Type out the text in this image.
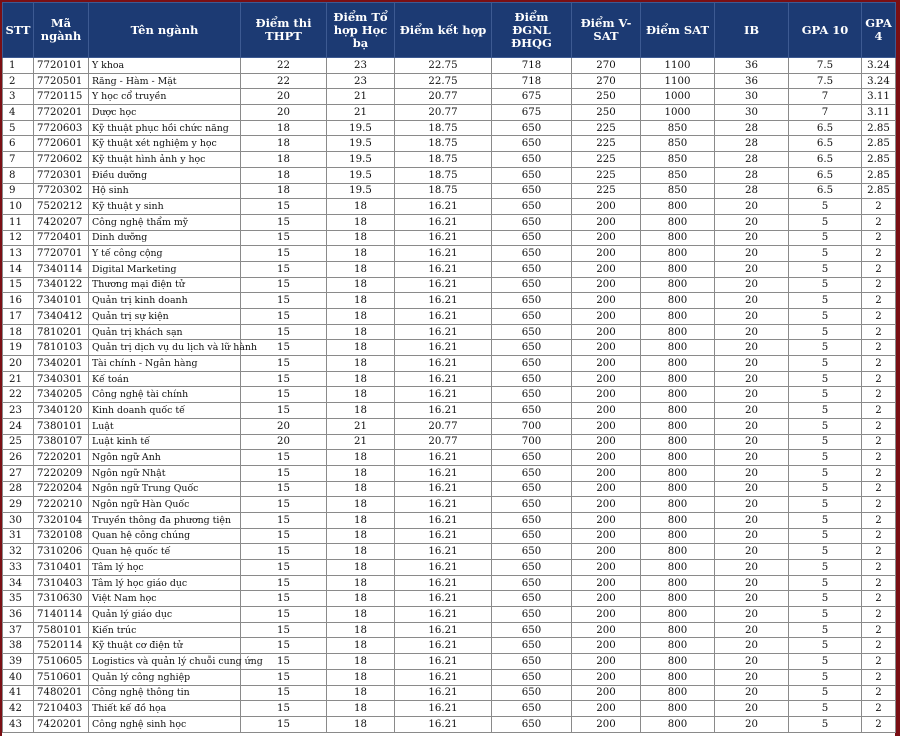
STT	Mã ngành	Tên ngành	Điểm thi THPT	Điểm Tổ hợp Học bạ	Điểm kết hợp	Điểm ĐGNL ĐHQG	Điểm V-SAT	Điểm SAT	IB	GPA 10	GPA 4
1	7720101	Y khoa	22	23	22.75	718	270	1100	36	7.5	3.24
2	7720501	Răng - Hàm - Mặt	22	23	22.75	718	270	1100	36	7.5	3.24
3	7720115	Y học cổ truyền	20	21	20.77	675	250	1000	30	7	3.11
4	7720201	Dược học	20	21	20.77	675	250	1000	30	7	3.11
5	7720603	Kỹ thuật phục hồi chức năng	18	19.5	18.75	650	225	850	28	6.5	2.85
6	7720601	Kỹ thuật xét nghiệm y học	18	19.5	18.75	650	225	850	28	6.5	2.85
7	7720602	Kỹ thuật hình ảnh y học	18	19.5	18.75	650	225	850	28	6.5	2.85
8	7720301	Điều dưỡng	18	19.5	18.75	650	225	850	28	6.5	2.85
9	7720302	Hộ sinh	18	19.5	18.75	650	225	850	28	6.5	2.85
10	7520212	Kỹ thuật y sinh	15	18	16.21	650	200	800	20	5	2
11	7420207	Công nghệ thẩm mỹ	15	18	16.21	650	200	800	20	5	2
12	7720401	Dinh dưỡng	15	18	16.21	650	200	800	20	5	2
13	7720701	Y tế công cộng	15	18	16.21	650	200	800	20	5	2
14	7340114	Digital Marketing	15	18	16.21	650	200	800	20	5	2
15	7340122	Thương mại điện tử	15	18	16.21	650	200	800	20	5	2
16	7340101	Quản trị kinh doanh	15	18	16.21	650	200	800	20	5	2
17	7340412	Quản trị sự kiện	15	18	16.21	650	200	800	20	5	2
18	7810201	Quản trị khách sạn	15	18	16.21	650	200	800	20	5	2
19	7810103	Quản trị dịch vụ du lịch và lữ hành	15	18	16.21	650	200	800	20	5	2
20	7340201	Tài chính - Ngân hàng	15	18	16.21	650	200	800	20	5	2
21	7340301	Kế toán	15	18	16.21	650	200	800	20	5	2
22	7340205	Công nghệ tài chính	15	18	16.21	650	200	800	20	5	2
23	7340120	Kinh doanh quốc tế	15	18	16.21	650	200	800	20	5	2
24	7380101	Luật	20	21	20.77	700	200	800	20	5	2
25	7380107	Luật kinh tế	20	21	20.77	700	200	800	20	5	2
26	7220201	Ngôn ngữ Anh	15	18	16.21	650	200	800	20	5	2
27	7220209	Ngôn ngữ Nhật	15	18	16.21	650	200	800	20	5	2
28	7220204	Ngôn ngữ Trung Quốc	15	18	16.21	650	200	800	20	5	2
29	7220210	Ngôn ngữ Hàn Quốc	15	18	16.21	650	200	800	20	5	2
30	7320104	Truyền thông đa phương tiện	15	18	16.21	650	200	800	20	5	2
31	7320108	Quan hệ công chúng	15	18	16.21	650	200	800	20	5	2
32	7310206	Quan hệ quốc tế	15	18	16.21	650	200	800	20	5	2
33	7310401	Tâm lý học	15	18	16.21	650	200	800	20	5	2
34	7310403	Tâm lý học giáo dục	15	18	16.21	650	200	800	20	5	2
35	7310630	Việt Nam học	15	18	16.21	650	200	800	20	5	2
36	7140114	Quản lý giáo dục	15	18	16.21	650	200	800	20	5	2
37	7580101	Kiến trúc	15	18	16.21	650	200	800	20	5	2
38	7520114	Kỹ thuật cơ điện tử	15	18	16.21	650	200	800	20	5	2
39	7510605	Logistics và quản lý chuỗi cung ứng	15	18	16.21	650	200	800	20	5	2
40	7510601	Quản lý công nghiệp	15	18	16.21	650	200	800	20	5	2
41	7480201	Công nghệ thông tin	15	18	16.21	650	200	800	20	5	2
42	7210403	Thiết kế đồ họa	15	18	16.21	650	200	800	20	5	2
43	7420201	Công nghệ sinh học	15	18	16.21	650	200	800	20	5	2
